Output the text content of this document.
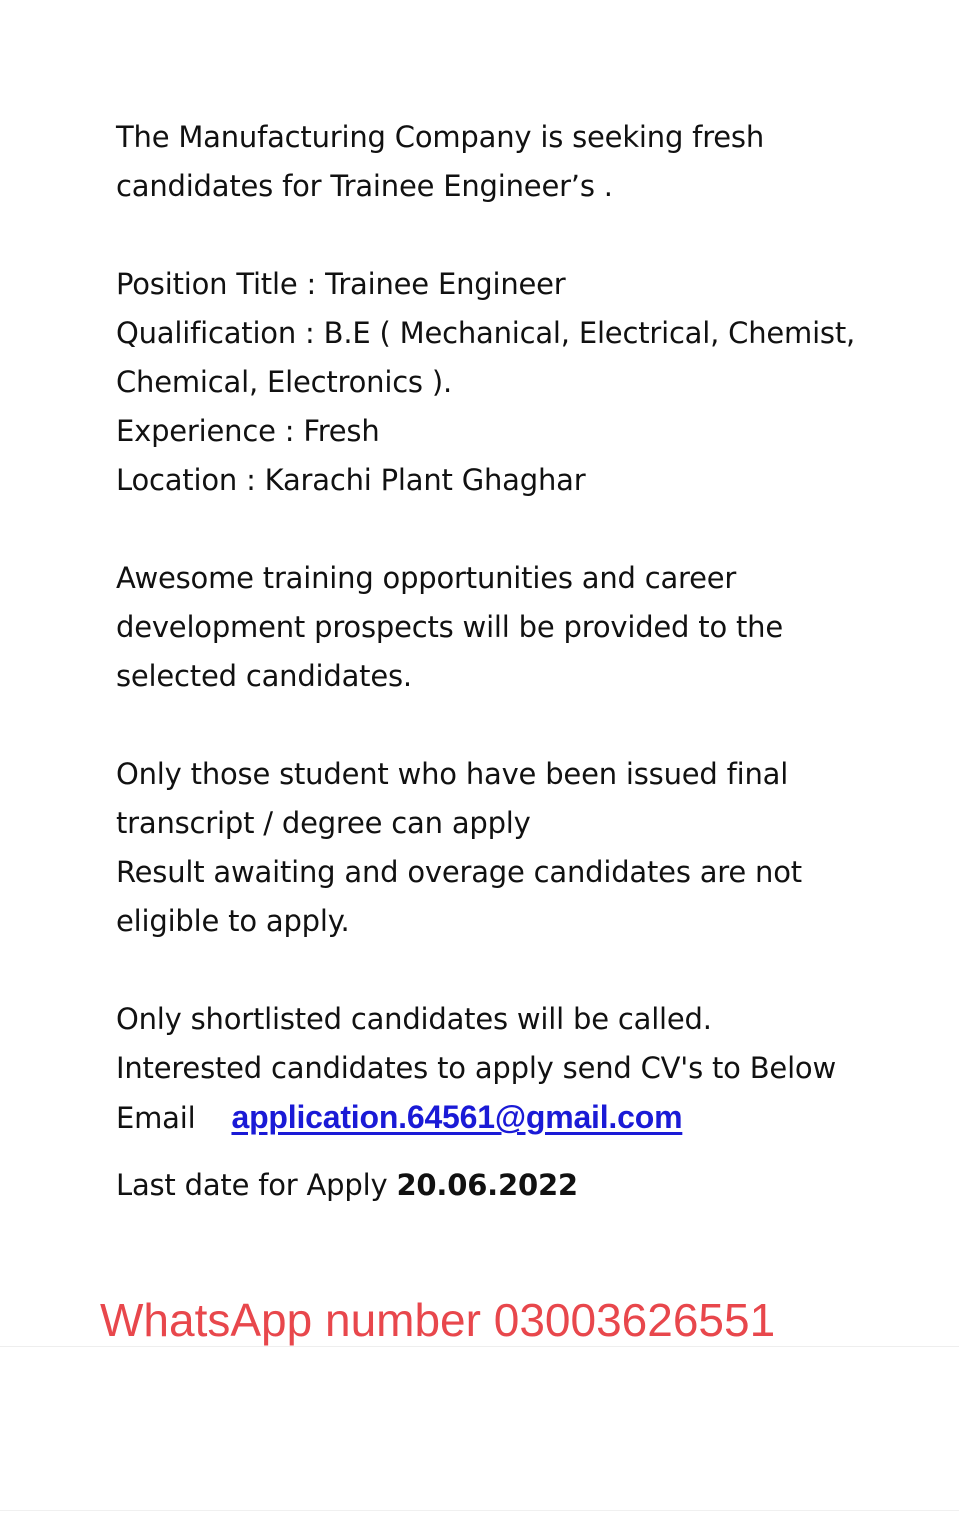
The Manufacturing Company is seeking fresh

candidates for Trainee Engineer’s .

Position Title : Trainee Engineer

Qualification : B.E ( Mechanical, Electrical, Chemist,

Chemical, Electronics ).

Experience : Fresh

Location : Karachi Plant Ghaghar

Awesome training opportunities and career

development prospects will be provided to the

selected candidates.

Only those student who have been issued final

transcript / degree can apply

Result awaiting and overage candidates are not

eligible to apply.

Only shortlisted candidates will be called.

Interested candidates to apply send CV's to Below

Email application.64561@gmail.com

Last date for Apply 20.06.2022

WhatsApp number 03003626551
